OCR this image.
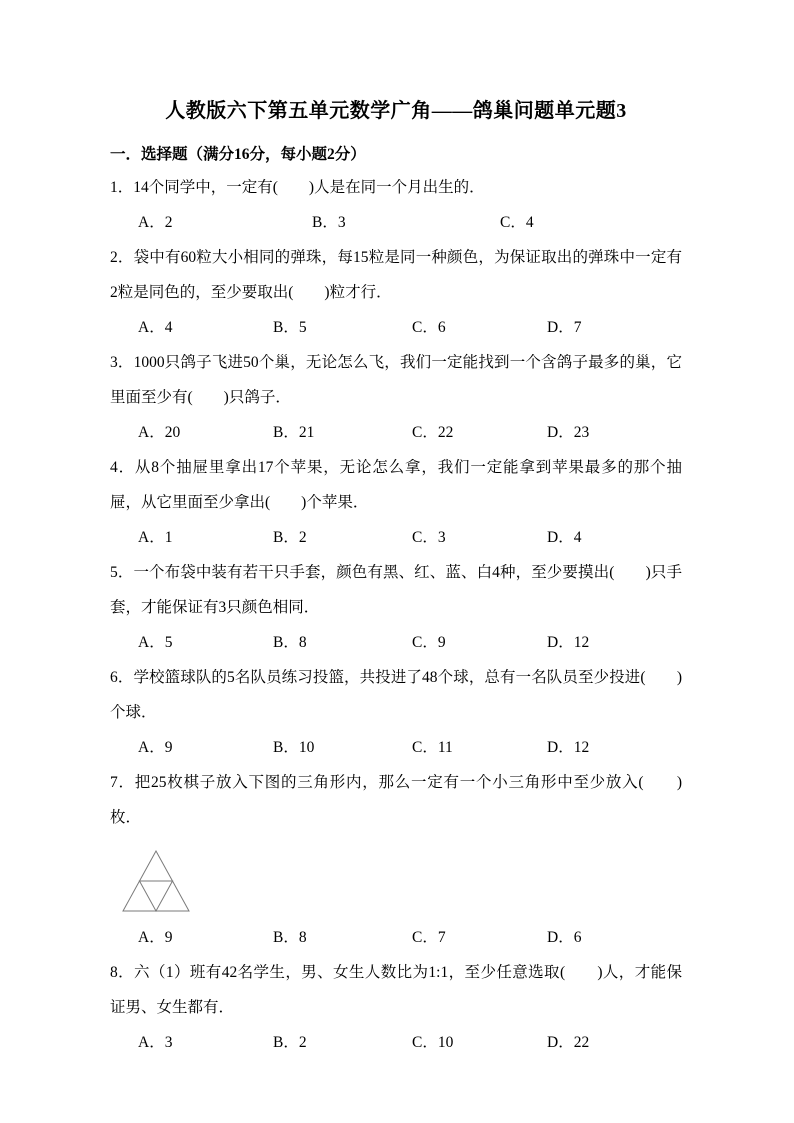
人教版六下第五单元数学广角——鸽巢问题单元题3

一．选择题（满分16分，每小题2分）

1．14个同学中，一定有(　　)人是在同一个月出生的．

A．2	B．3	C．4

2．袋中有60粒大小相同的弹珠，每15粒是同一种颜色，为保证取出的弹珠中一定有2粒是同色的，至少要取出(　　)粒才行．

A．4	B．5	C．6	D．7

3．1000只鸽子飞进50个巢，无论怎么飞，我们一定能找到一个含鸽子最多的巢，它里面至少有(　　)只鸽子．

A．20	B．21	C．22	D．23

4．从8个抽屉里拿出17个苹果，无论怎么拿，我们一定能拿到苹果最多的那个抽屉，从它里面至少拿出(　　)个苹果．

A．1	B．2	C．3	D．4

5．一个布袋中装有若干只手套，颜色有黑、红、蓝、白4种，至少要摸出(　　)只手套，才能保证有3只颜色相同．

A．5	B．8	C．9	D．12

6．学校篮球队的5名队员练习投篮，共投进了48个球，总有一名队员至少投进(　　)个球．

A．9	B．10	C．11	D．12

7．把25枚棋子放入下图的三角形内，那么一定有一个小三角形中至少放入(　　)枚．

A．9	B．8	C．7	D．6

8．六（1）班有42名学生，男、女生人数比为1:1，至少任意选取(　　)人，才能保证男、女生都有．

A．3	B．2	C．10	D．22
